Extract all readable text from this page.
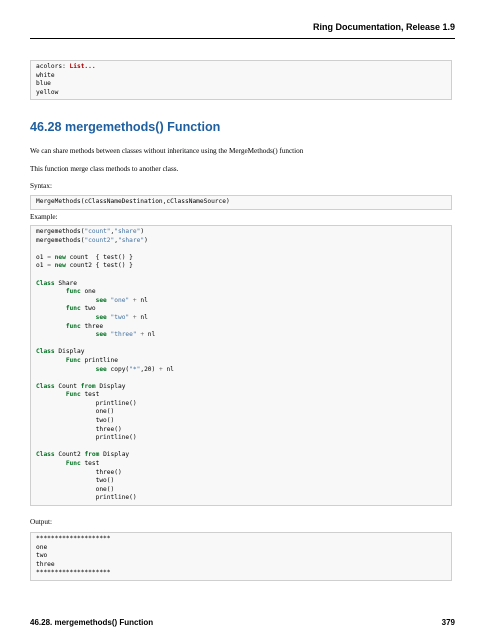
Ring Documentation, Release 1.9
acolors: List...
white
blue
yellow
46.28 mergemethods() Function
We can share methods between classes without inheritance using the MergeMethods() function
This function merge class methods to another class.
Syntax:
MergeMethods(cClassNameDestination,cClassNameSource)
Example:
mergemethods("count","share")
mergemethods("count2","share")
o1 = new count  { test() }
o1 = new count2 { test() }
Class Share
func one
see "one" + nl
func two
see "two" + nl
func three
see "three" + nl
Class Display
Func printline
see copy("*",20) + nl
Class Count from Display
Func test
printline()
one()
two()
three()
printline()
Class Count2 from Display
Func test
three()
two()
one()
printline()
Output:
********************
one
two
three
********************
46.28. mergemethods() Function	379
